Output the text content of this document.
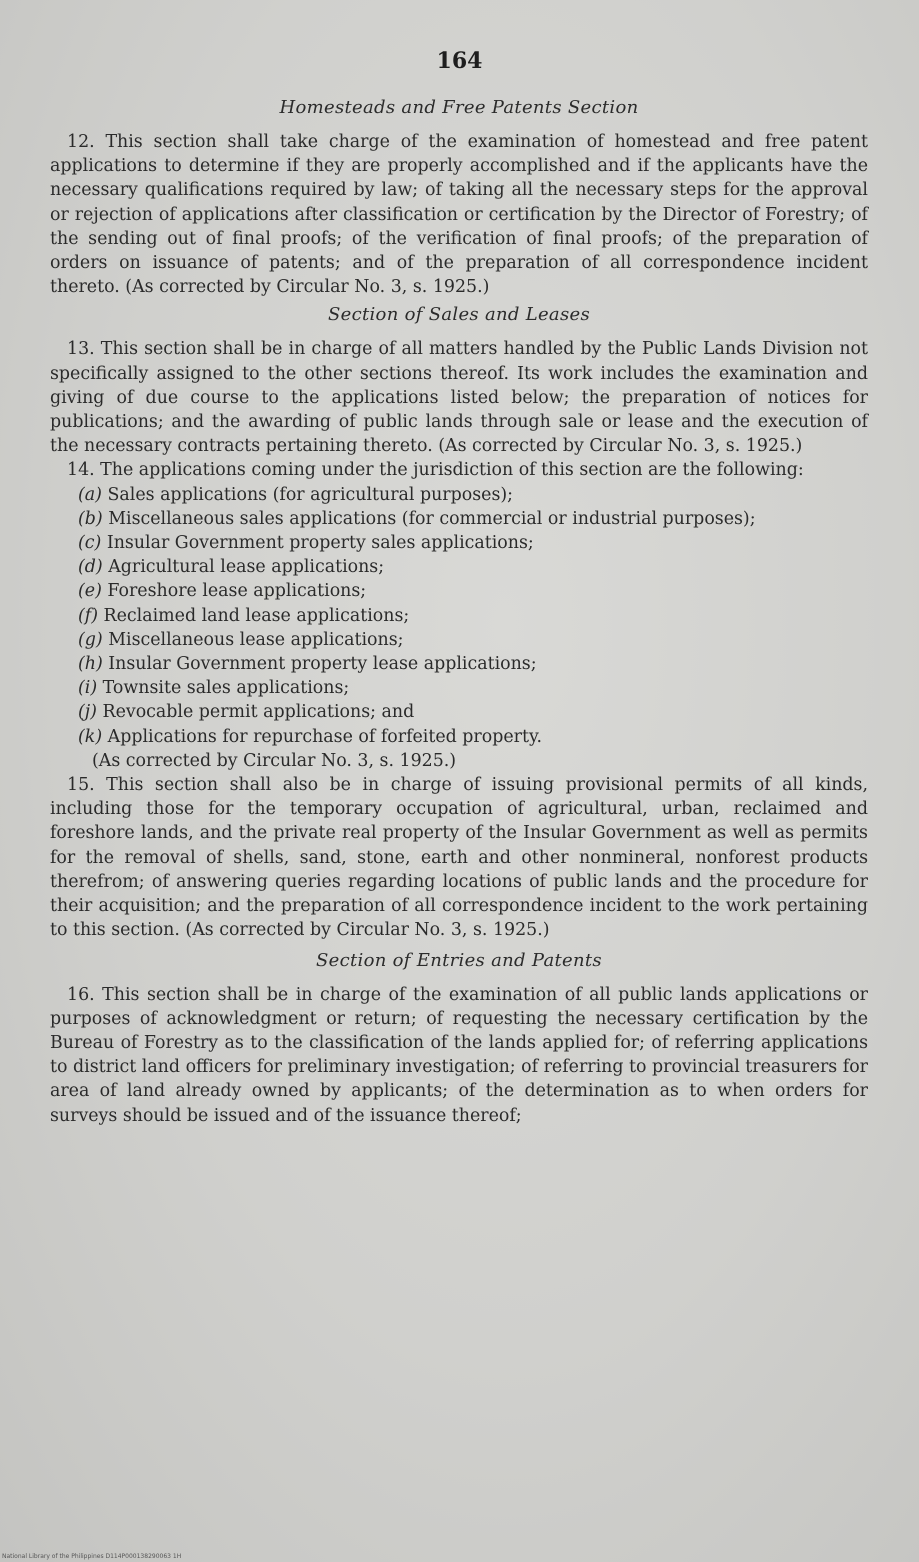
164
Homesteads and Free Patents Section

12. This section shall take charge of the examination of homestead and free patent applications to determine if they are properly accomplished and if the applicants have the necessary qualifications required by law; of taking all the necessary steps for the approval or rejection of applications after classification or certification by the Director of Forestry; of the sending out of final proofs; of the verification of final proofs; of the preparation of orders on issuance of patents; and of the preparation of all correspondence incident thereto. (As corrected by Circular No. 3, s. 1925.)

Section of Sales and Leases

13. This section shall be in charge of all matters handled by the Public Lands Division not specifically assigned to the other sections thereof. Its work includes the examination and giving of due course to the applications listed below; the preparation of notices for publications; and the awarding of public lands through sale or lease and the execution of the necessary contracts pertaining thereto. (As corrected by Circular No. 3, s. 1925.)

14. The applications coming under the jurisdiction of this section are the following:

(a) Sales applications (for agricultural purposes);
(b) Miscellaneous sales applications (for commercial or industrial purposes);
(c) Insular Government property sales applications;
(d) Agricultural lease applications;
(e) Foreshore lease applications;
(f) Reclaimed land lease applications;
(g) Miscellaneous lease applications;
(h) Insular Government property lease applications;
(i) Townsite sales applications;
(j) Revocable permit applications; and
(k) Applications for repurchase of forfeited property.

(As corrected by Circular No. 3, s. 1925.)

15. This section shall also be in charge of issuing provisional permits of all kinds, including those for the temporary occupation of agricultural, urban, reclaimed and foreshore lands, and the private real property of the Insular Government as well as permits for the removal of shells, sand, stone, earth and other nonmineral, nonforest products therefrom; of answering queries regarding locations of public lands and the procedure for their acquisition; and the preparation of all correspondence incident to the work pertaining to this section. (As corrected by Circular No. 3, s. 1925.)

Section of Entries and Patents

16. This section shall be in charge of the examination of all public lands applications or purposes of acknowledgment or return; of requesting the necessary certification by the Bureau of Forestry as to the classification of the lands applied for; of referring applications to district land officers for preliminary investigation; of referring to provincial treasurers for area of land already owned by applicants; of the determination as to when orders for surveys should be issued and of the issuance thereof;

National Library of the Philippines D114P000138290063 1H
